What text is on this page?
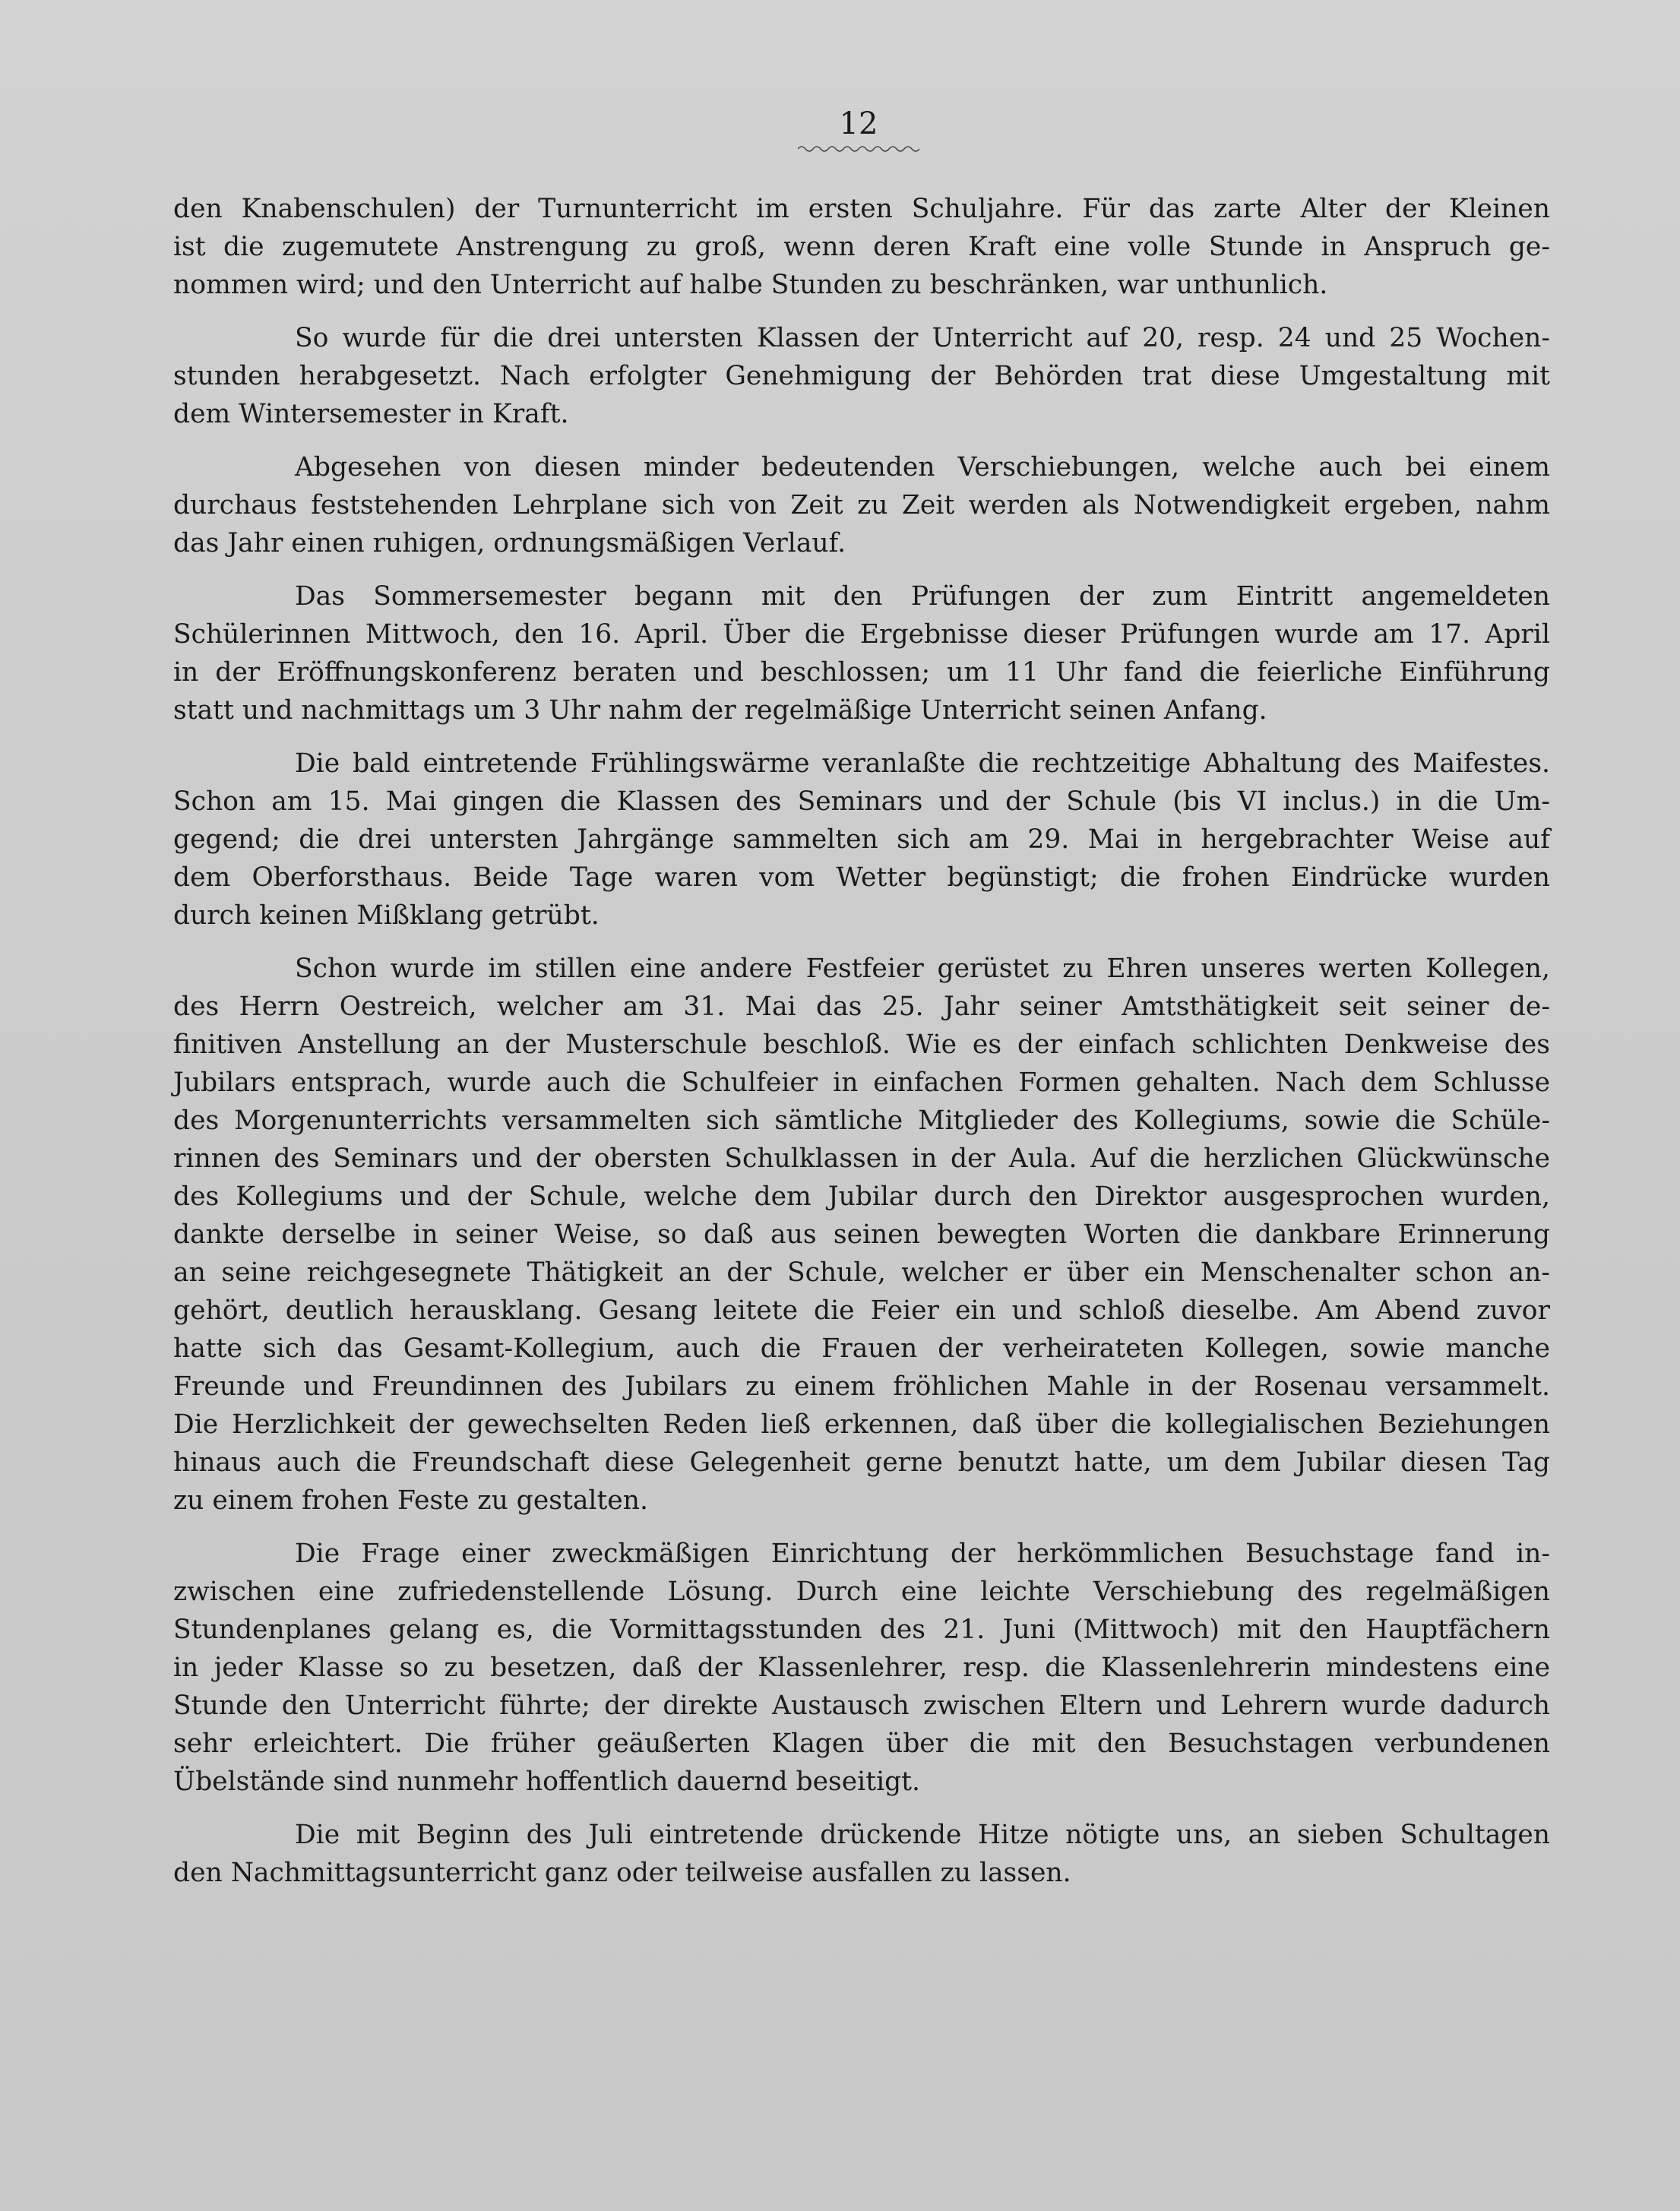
12
den Knabenschulen) der Turnunterricht im ersten Schuljahre. Für das zarte Alter der Kleinen
ist die zugemutete Anstrengung zu groß, wenn deren Kraft eine volle Stunde in Anspruch ge-
nommen wird; und den Unterricht auf halbe Stunden zu beschränken, war unthunlich.
So wurde für die drei untersten Klassen der Unterricht auf 20, resp. 24 und 25 Wochen-
stunden herabgesetzt. Nach erfolgter Genehmigung der Behörden trat diese Umgestaltung mit
dem Wintersemester in Kraft.
Abgesehen von diesen minder bedeutenden Verschiebungen, welche auch bei einem
durchaus feststehenden Lehrplane sich von Zeit zu Zeit werden als Notwendigkeit ergeben, nahm
das Jahr einen ruhigen, ordnungsmäßigen Verlauf.
Das Sommersemester begann mit den Prüfungen der zum Eintritt angemeldeten
Schülerinnen Mittwoch, den 16. April. Über die Ergebnisse dieser Prüfungen wurde am 17. April
in der Eröffnungskonferenz beraten und beschlossen; um 11 Uhr fand die feierliche Einführung
statt und nachmittags um 3 Uhr nahm der regelmäßige Unterricht seinen Anfang.
Die bald eintretende Frühlingswärme veranlaßte die rechtzeitige Abhaltung des Maifestes.
Schon am 15. Mai gingen die Klassen des Seminars und der Schule (bis VI inclus.) in die Um-
gegend; die drei untersten Jahrgänge sammelten sich am 29. Mai in hergebrachter Weise auf
dem Oberforsthaus. Beide Tage waren vom Wetter begünstigt; die frohen Eindrücke wurden
durch keinen Mißklang getrübt.
Schon wurde im stillen eine andere Festfeier gerüstet zu Ehren unseres werten Kollegen,
des Herrn Oestreich, welcher am 31. Mai das 25. Jahr seiner Amtsthätigkeit seit seiner de-
finitiven Anstellung an der Musterschule beschloß. Wie es der einfach schlichten Denkweise des
Jubilars entsprach, wurde auch die Schulfeier in einfachen Formen gehalten. Nach dem Schlusse
des Morgenunterrichts versammelten sich sämtliche Mitglieder des Kollegiums, sowie die Schüle-
rinnen des Seminars und der obersten Schulklassen in der Aula. Auf die herzlichen Glückwünsche
des Kollegiums und der Schule, welche dem Jubilar durch den Direktor ausgesprochen wurden,
dankte derselbe in seiner Weise, so daß aus seinen bewegten Worten die dankbare Erinnerung
an seine reichgesegnete Thätigkeit an der Schule, welcher er über ein Menschenalter schon an-
gehört, deutlich herausklang. Gesang leitete die Feier ein und schloß dieselbe. Am Abend zuvor
hatte sich das Gesamt-Kollegium, auch die Frauen der verheirateten Kollegen, sowie manche
Freunde und Freundinnen des Jubilars zu einem fröhlichen Mahle in der Rosenau versammelt.
Die Herzlichkeit der gewechselten Reden ließ erkennen, daß über die kollegialischen Beziehungen
hinaus auch die Freundschaft diese Gelegenheit gerne benutzt hatte, um dem Jubilar diesen Tag
zu einem frohen Feste zu gestalten.
Die Frage einer zweckmäßigen Einrichtung der herkömmlichen Besuchstage fand in-
zwischen eine zufriedenstellende Lösung. Durch eine leichte Verschiebung des regelmäßigen
Stundenplanes gelang es, die Vormittagsstunden des 21. Juni (Mittwoch) mit den Hauptfächern
in jeder Klasse so zu besetzen, daß der Klassenlehrer, resp. die Klassenlehrerin mindestens eine
Stunde den Unterricht führte; der direkte Austausch zwischen Eltern und Lehrern wurde dadurch
sehr erleichtert. Die früher geäußerten Klagen über die mit den Besuchstagen verbundenen
Übelstände sind nunmehr hoffentlich dauernd beseitigt.
Die mit Beginn des Juli eintretende drückende Hitze nötigte uns, an sieben Schultagen
den Nachmittagsunterricht ganz oder teilweise ausfallen zu lassen.
